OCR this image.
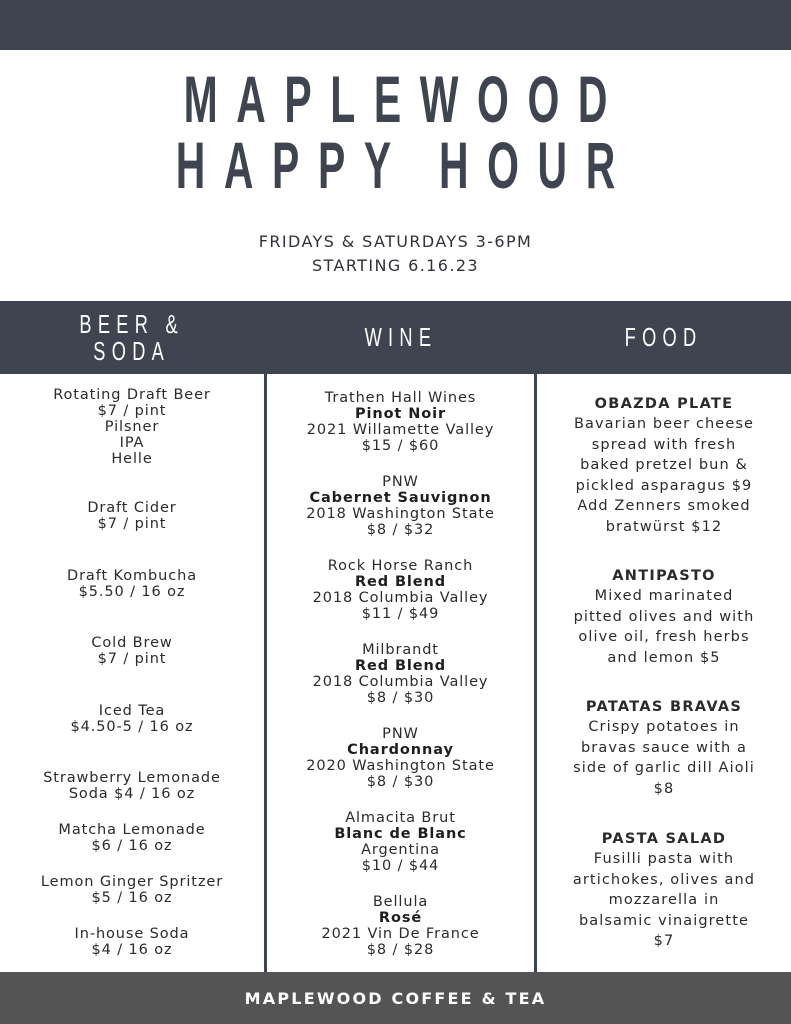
MAPLEWOOD
HAPPY HOUR
FRIDAYS & SATURDAYS 3-6PM
STARTING 6.16.23
BEER &
SODA	WINE	FOOD
Rotating Draft Beer
$7 / pint
Pilsner
IPA
Helle
Draft Cider
$7 / pint
Draft Kombucha
$5.50 / 16 oz
Cold Brew
$7 / pint
Iced Tea
$4.50-5 / 16 oz
Strawberry Lemonade
Soda $4 / 16 oz
Matcha Lemonade
$6 / 16 oz
Lemon Ginger Spritzer
$5 / 16 oz
In-house Soda
$4 / 16 oz
Trathen Hall Wines
Pinot Noir
2021 Willamette Valley
$15 / $60
PNW
Cabernet Sauvignon
2018 Washington State
$8 / $32
Rock Horse Ranch
Red Blend
2018 Columbia Valley
$11 / $49
Milbrandt
Red Blend
2018 Columbia Valley
$8 / $30
PNW
Chardonnay
2020 Washington State
$8 / $30
Almacita Brut
Blanc de Blanc
Argentina
$10 / $44
Bellula
Rosé
2021 Vin De France
$8 / $28
OBAZDA PLATE
Bavarian beer cheese
spread with fresh
baked pretzel bun &
pickled asparagus $9
Add Zenners smoked
bratwürst $12
ANTIPASTO
Mixed marinated
pitted olives and with
olive oil, fresh herbs
and lemon $5
PATATAS BRAVAS
Crispy potatoes in
bravas sauce with a
side of garlic dill Aioli
$8
PASTA SALAD
Fusilli pasta with
artichokes, olives and
mozzarella in
balsamic vinaigrette
$7
MAPLEWOOD COFFEE & TEA
